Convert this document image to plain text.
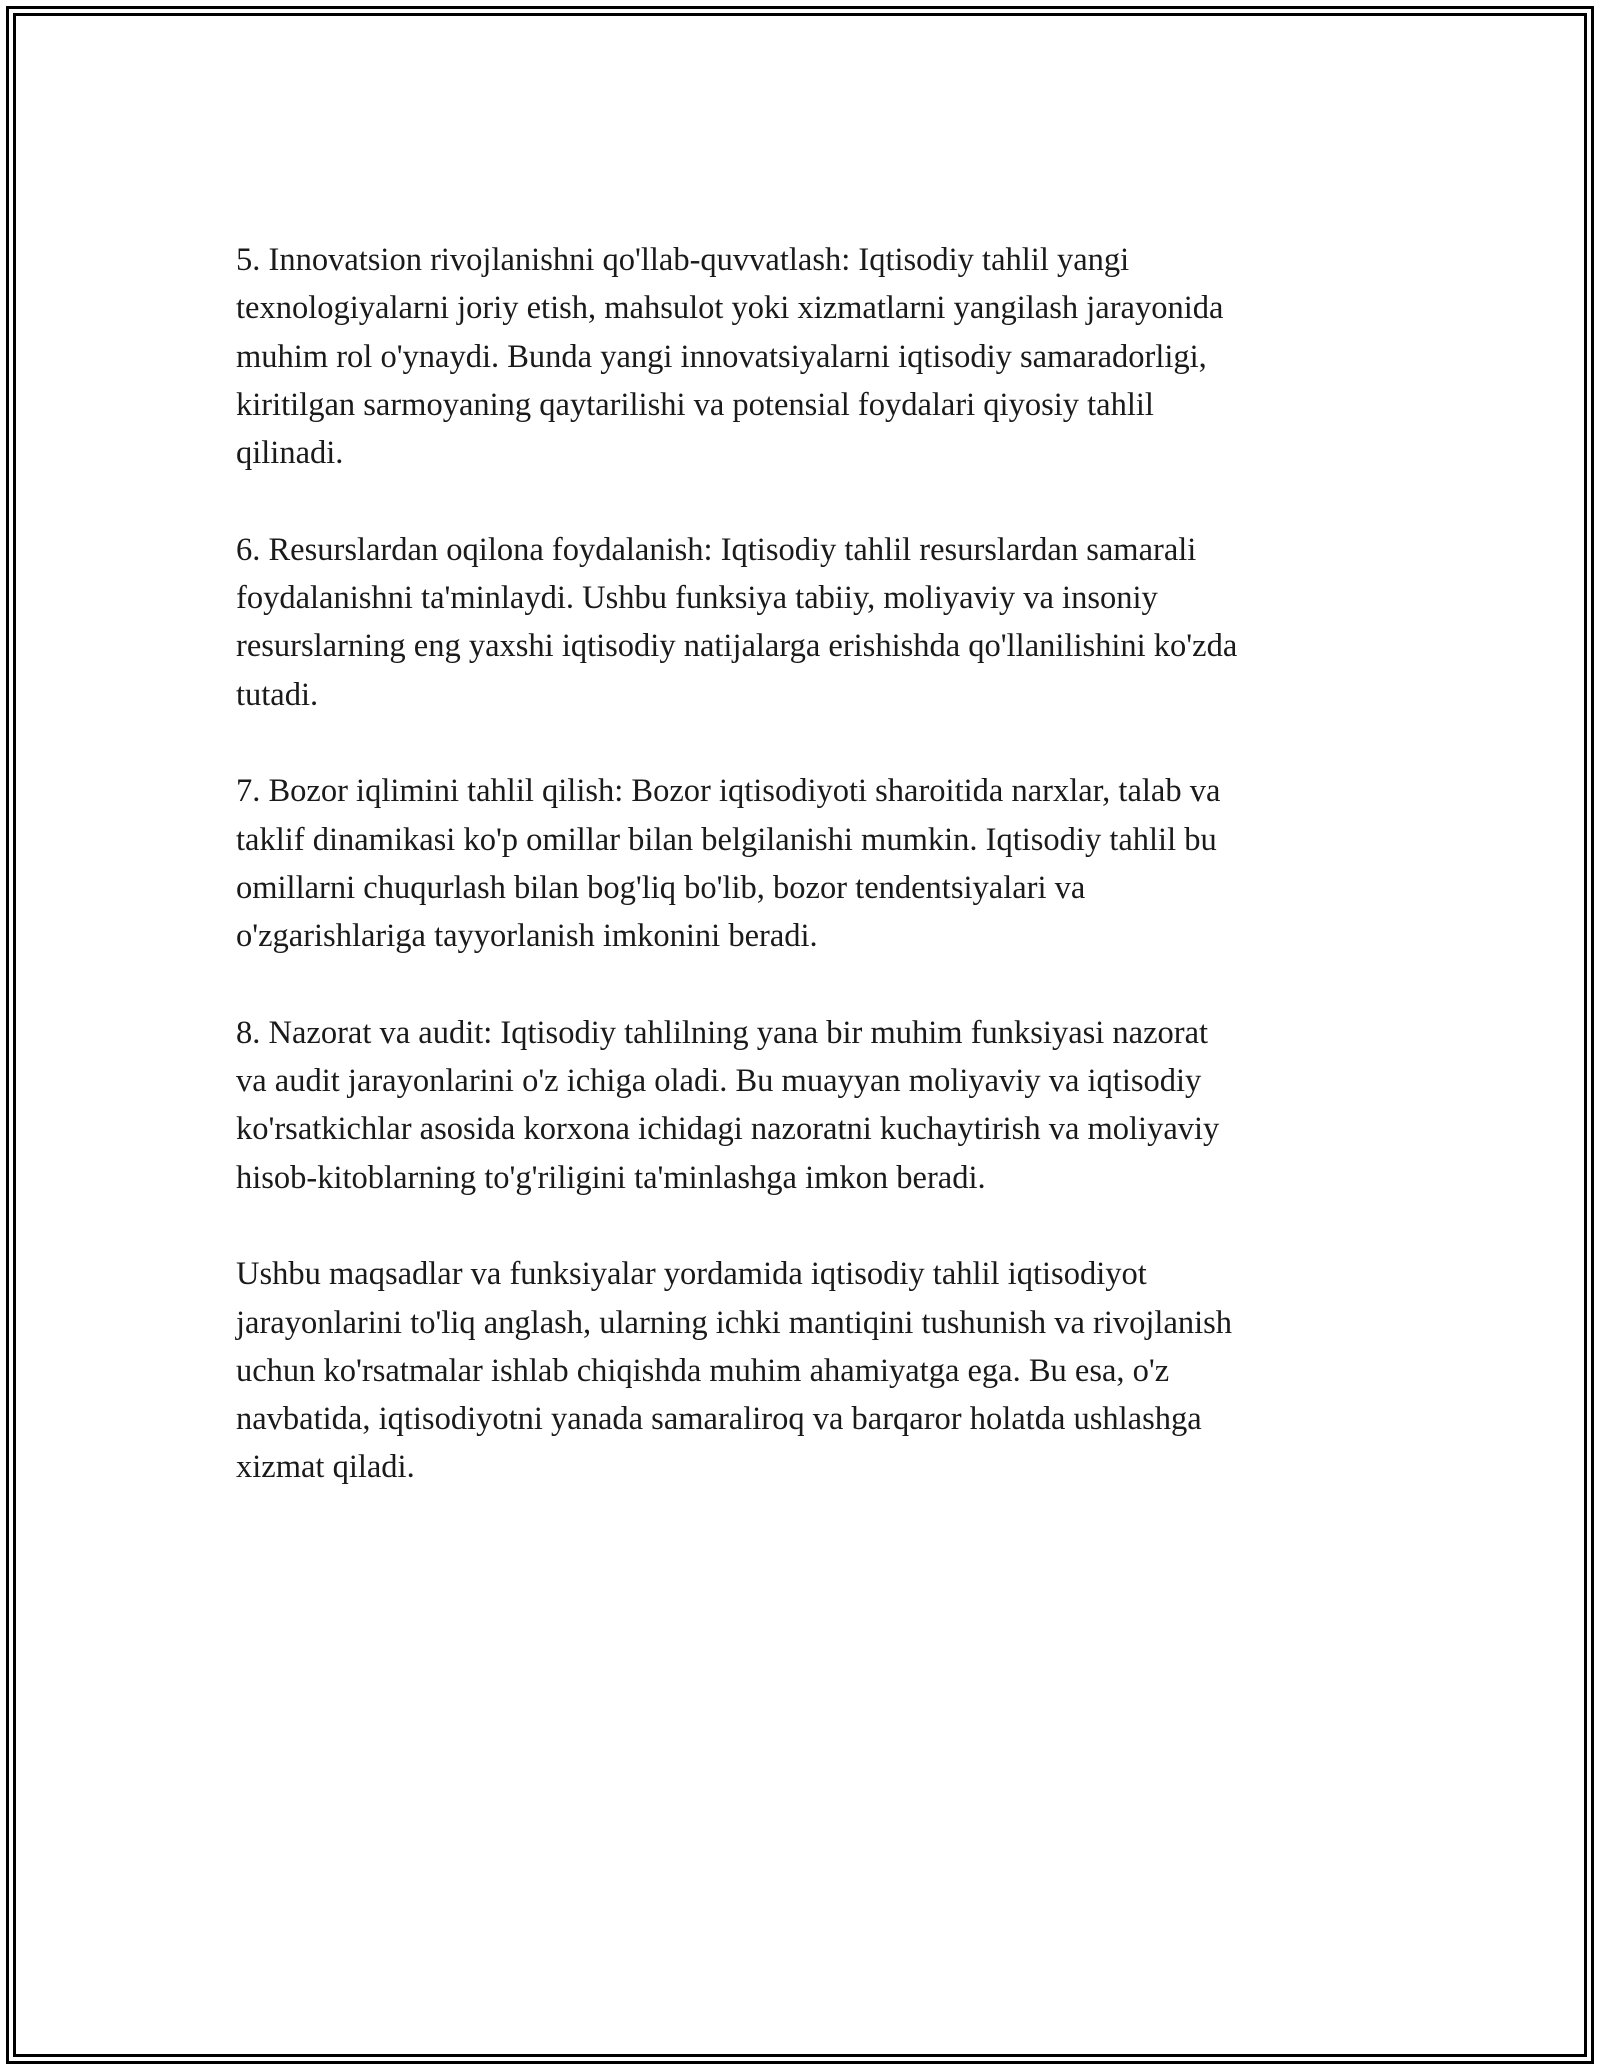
5. Innovatsion rivojlanishni qo'llab-quvvatlash: Iqtisodiy tahlil yangi
texnologiyalarni joriy etish, mahsulot yoki xizmatlarni yangilash jarayonida
muhim rol o'ynaydi. Bunda yangi innovatsiyalarni iqtisodiy samaradorligi,
kiritilgan sarmoyaning qaytarilishi va potensial foydalari qiyosiy tahlil
qilinadi.

6. Resurslardan oqilona foydalanish: Iqtisodiy tahlil resurslardan samarali
foydalanishni ta'minlaydi. Ushbu funksiya tabiiy, moliyaviy va insoniy
resurslarning eng yaxshi iqtisodiy natijalarga erishishda qo'llanilishini ko'zda
tutadi.

7. Bozor iqlimini tahlil qilish: Bozor iqtisodiyoti sharoitida narxlar, talab va
taklif dinamikasi ko'p omillar bilan belgilanishi mumkin. Iqtisodiy tahlil bu
omillarni chuqurlash bilan bog'liq bo'lib, bozor tendentsiyalari va
o'zgarishlariga tayyorlanish imkonini beradi.

8. Nazorat va audit: Iqtisodiy tahlilning yana bir muhim funksiyasi nazorat
va audit jarayonlarini o'z ichiga oladi. Bu muayyan moliyaviy va iqtisodiy
ko'rsatkichlar asosida korxona ichidagi nazoratni kuchaytirish va moliyaviy
hisob-kitoblarning to'g'riligini ta'minlashga imkon beradi.

Ushbu maqsadlar va funksiyalar yordamida iqtisodiy tahlil iqtisodiyot
jarayonlarini to'liq anglash, ularning ichki mantiqini tushunish va rivojlanish
uchun ko'rsatmalar ishlab chiqishda muhim ahamiyatga ega. Bu esa, o'z
navbatida, iqtisodiyotni yanada samaraliroq va barqaror holatda ushlashga
xizmat qiladi.
